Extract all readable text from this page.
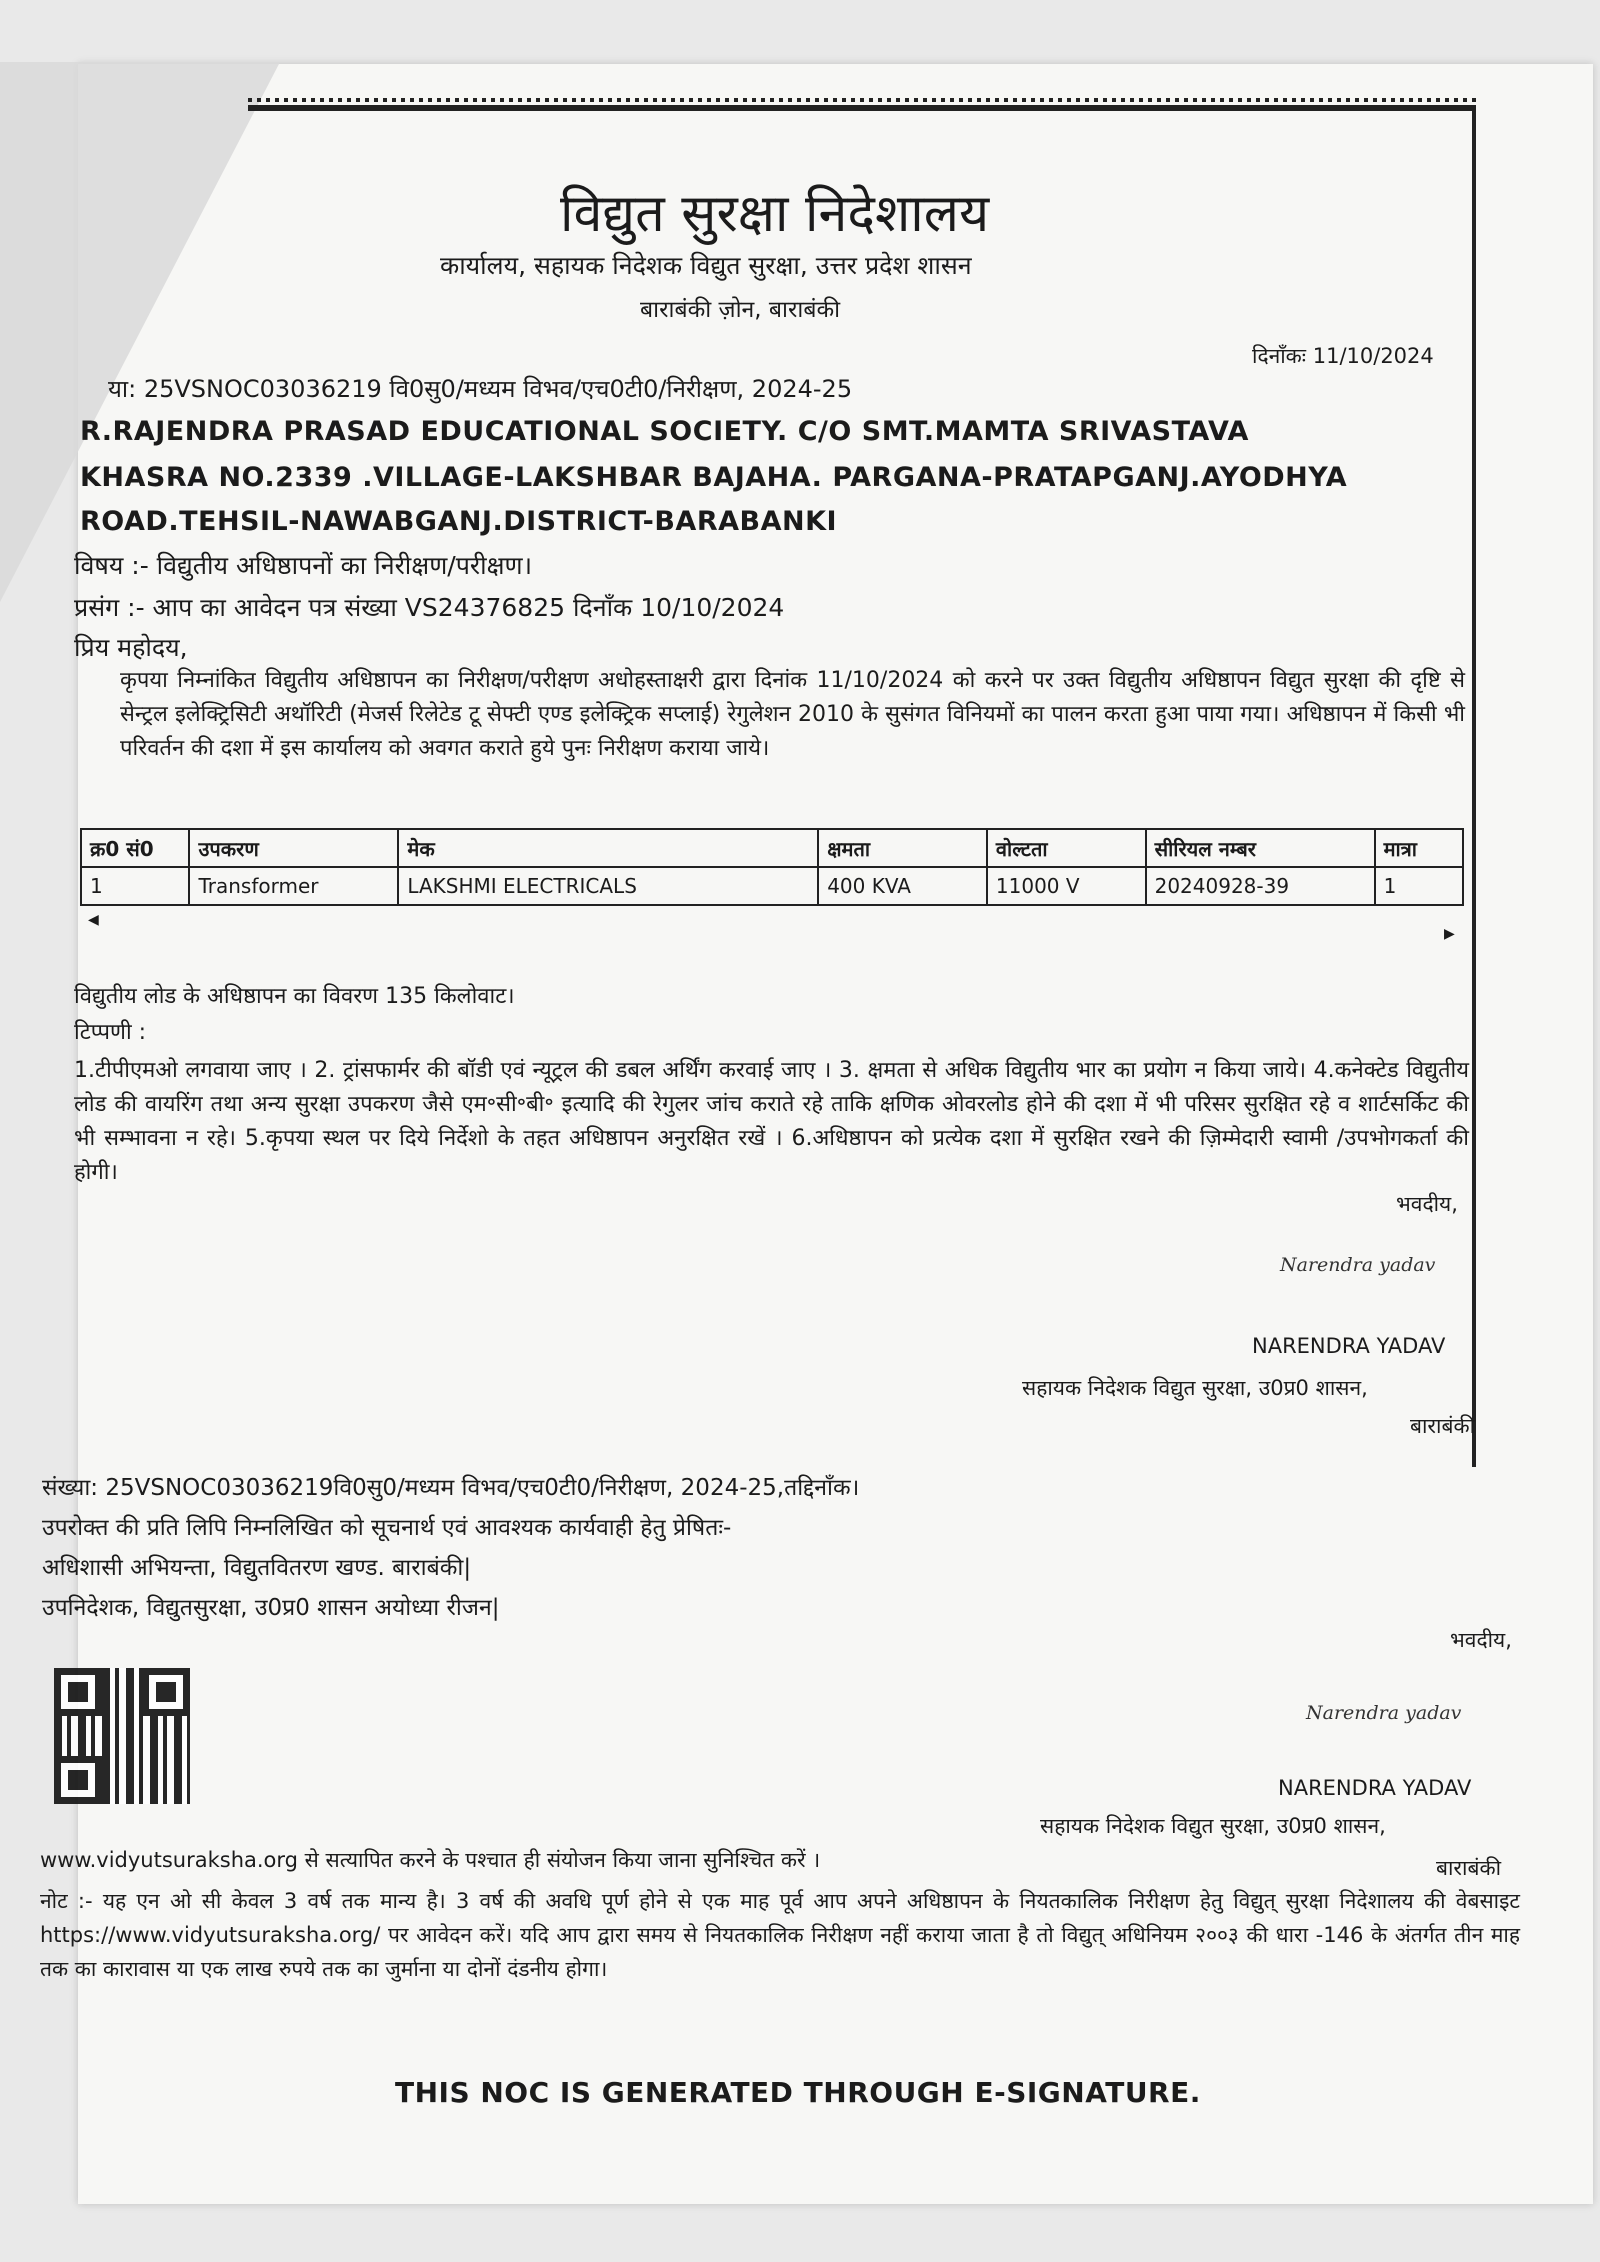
विद्युत सुरक्षा निदेशालय
कार्यालय, सहायक निदेशक विद्युत सुरक्षा, उत्तर प्रदेश शासन
बाराबंकी ज़ोन, बाराबंकी
दिनाँकः 11/10/2024
या: 25VSNOC03036219 वि0सु0/मध्यम विभव/एच0टी0/निरीक्षण, 2024-25
R.RAJENDRA PRASAD EDUCATIONAL SOCIETY. C/O SMT.MAMTA SRIVASTAVA
KHASRA NO.2339 .VILLAGE-LAKSHBAR BAJAHA. PARGANA-PRATAPGANJ.AYODHYA
ROAD.TEHSIL-NAWABGANJ.DISTRICT-BARABANKI
विषय :- विद्युतीय अधिष्ठापनों का निरीक्षण/परीक्षण।
प्रसंग :- आप का आवेदन पत्र संख्या VS24376825 दिनाँक 10/10/2024
प्रिय महोदय,
कृपया निम्नांकित विद्युतीय अधिष्ठापन का निरीक्षण/परीक्षण अधोहस्ताक्षरी द्वारा दिनांक 11/10/2024 को करने पर उक्त विद्युतीय अधिष्ठापन विद्युत सुरक्षा की दृष्टि से सेन्ट्रल इलेक्ट्रिसिटी अथॉरिटी (मेजर्स रिलेटेड टू सेफ्टी एण्ड इलेक्ट्रिक सप्लाई) रेगुलेशन 2010 के सुसंगत विनियमों का पालन करता हुआ पाया गया। अधिष्ठापन में किसी भी परिवर्तन की दशा में इस कार्यालय को अवगत कराते हुये पुनः निरीक्षण कराया जाये।
क्र0 सं0	उपकरण	मेक	क्षमता	वोल्टता	सीरियल नम्बर	मात्रा
1	Transformer	LAKSHMI ELECTRICALS	400 KVA	11000 V	20240928-39	1
◀
▶
विद्युतीय लोड के अधिष्ठापन का विवरण 135 किलोवाट।
टिप्पणी :
1.टीपीएमओ लगवाया जाए । 2. ट्रांसफार्मर की बॉडी एवं न्यूट्रल की डबल अर्थिंग करवाई जाए । 3. क्षमता से अधिक विद्युतीय भार का प्रयोग न किया जाये। 4.कनेक्टेड विद्युतीय लोड की वायरिंग तथा अन्य सुरक्षा उपकरण जैसे एम॰सी॰बी॰ इत्यादि की रेगुलर जांच कराते रहे ताकि क्षणिक ओवरलोड होने की दशा में भी परिसर सुरक्षित रहे व शार्टसर्किट की भी सम्भावना न रहे। 5.कृपया स्थल पर दिये निर्देशो के तहत अधिष्ठापन अनुरक्षित रखें । 6.अधिष्ठापन को प्रत्येक दशा में सुरक्षित रखने की ज़िम्मेदारी स्वामी /उपभोगकर्ता की होगी।
भवदीय,
Narendra yadav
NARENDRA YADAV
सहायक निदेशक विद्युत सुरक्षा, उ0प्र0 शासन,
बाराबंकी
संख्या: 25VSNOC03036219वि0सु0/मध्यम विभव/एच0टी0/निरीक्षण, 2024-25,तद्दिनाँक।
उपरोक्त की प्रति लिपि निम्नलिखित को सूचनार्थ एवं आवश्यक कार्यवाही हेतु प्रेषितः-
अधिशासी अभियन्ता, विद्युतवितरण खण्ड. बाराबंकी|
उपनिदेशक, विद्युतसुरक्षा, उ0प्र0 शासन अयोध्या रीजन|
भवदीय,
Narendra yadav
NARENDRA YADAV
सहायक निदेशक विद्युत सुरक्षा, उ0प्र0 शासन,
बाराबंकी
www.vidyutsuraksha.org से सत्यापित करने के पश्चात ही संयोजन किया जाना सुनिश्चित करें ।
नोट :- यह एन ओ सी केवल 3 वर्ष तक मान्य है। 3 वर्ष की अवधि पूर्ण होने से एक माह पूर्व आप अपने अधिष्ठापन के नियतकालिक निरीक्षण हेतु विद्युत् सुरक्षा निदेशालय की वेबसाइट https://www.vidyutsuraksha.org/ पर आवेदन करें। यदि आप द्वारा समय से नियतकालिक निरीक्षण नहीं कराया जाता है तो विद्युत् अधिनियम २००३ की धारा -146 के अंतर्गत तीन माह तक का कारावास या एक लाख रुपये तक का जुर्माना या दोनों दंडनीय होगा।
THIS NOC IS GENERATED THROUGH E-SIGNATURE.
